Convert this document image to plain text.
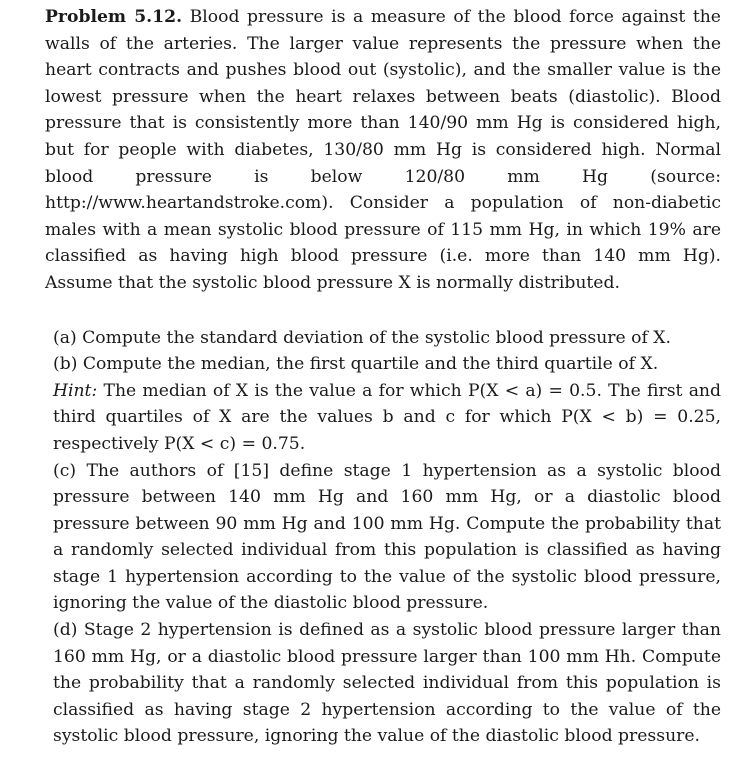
Problem 5.12. Blood pressure is a measure of the blood force against the walls of the arteries. The larger value represents the pressure when the heart contracts and pushes blood out (systolic), and the smaller value is the lowest pressure when the heart relaxes between beats (diastolic). Blood pressure that is consistently more than 140/90 mm Hg is considered high, but for people with diabetes, 130/80 mm Hg is considered high. Normal blood pressure is below 120/80 mm Hg (source: http://www.heartandstroke.com). Consider a population of non-diabetic males with a mean systolic blood pressure of 115 mm Hg, in which 19% are classified as having high blood pressure (i.e. more than 140 mm Hg). Assume that the systolic blood pressure X is normally distributed.

(a) Compute the standard deviation of the systolic blood pressure of X.

(b) Compute the median, the first quartile and the third quartile of X.

Hint: The median of X is the value a for which P(X < a) = 0.5. The first and third quartiles of X are the values b and c for which P(X < b) = 0.25, respectively P(X < c) = 0.75.

(c) The authors of [15] define stage 1 hypertension as a systolic blood pressure between 140 mm Hg and 160 mm Hg, or a diastolic blood pressure between 90 mm Hg and 100 mm Hg. Compute the probability that a randomly selected individual from this population is classified as having stage 1 hypertension according to the value of the systolic blood pressure, ignoring the value of the diastolic blood pressure.

(d) Stage 2 hypertension is defined as a systolic blood pressure larger than 160 mm Hg, or a diastolic blood pressure larger than 100 mm Hh. Compute the probability that a randomly selected individual from this population is classified as having stage 2 hypertension according to the value of the systolic blood pressure, ignoring the value of the diastolic blood pressure.
